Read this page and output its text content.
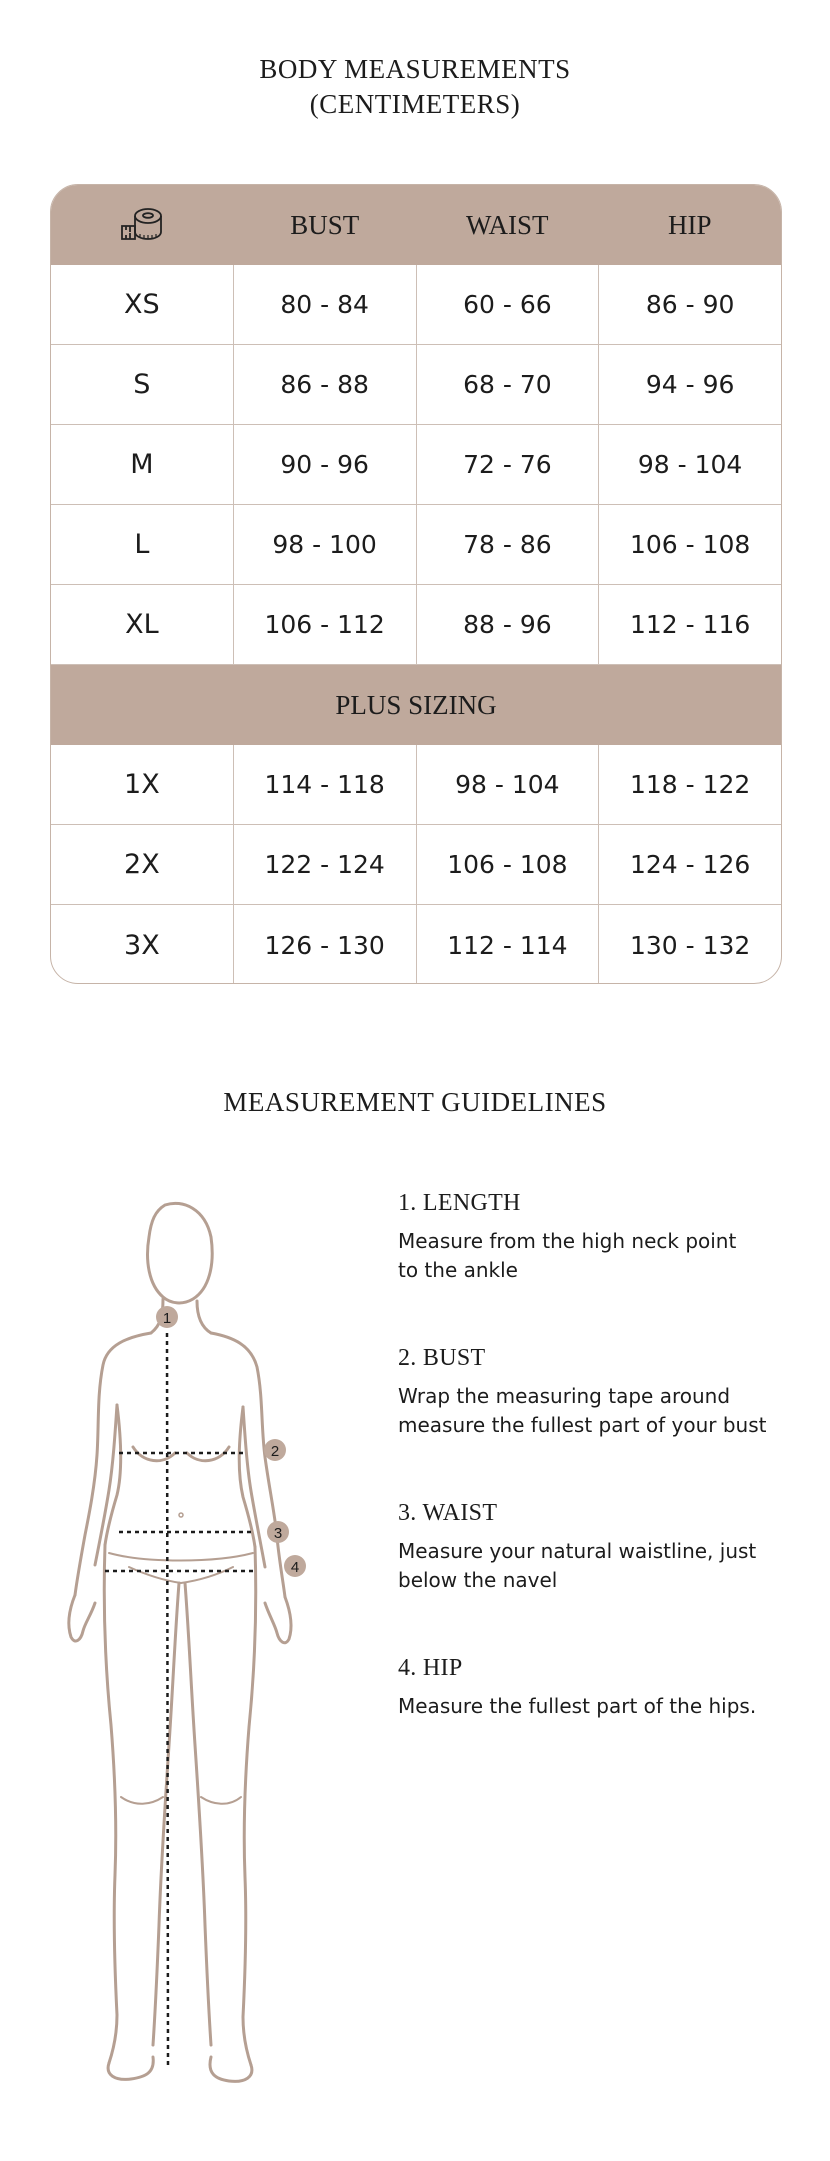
BODY MEASUREMENTS
(CENTIMETERS)
BUST	WAIST	HIP
XS	80 - 84	60 - 66	86 - 90
S	86 - 88	68 - 70	94 - 96
M	90 - 96	72 - 76	98 - 104
L	98 - 100	78 - 86	106 - 108
XL	106 - 112	88 - 96	112 - 116
PLUS SIZING
1X	114 - 118	98 - 104	118 - 122
2X	122 - 124	106 - 108	124 - 126
3X	126 - 130	112 - 114	130 - 132
MEASUREMENT GUIDELINES
1
2
3
4

1. LENGTH

Measure from the high neck point
to the ankle

2. BUST

Wrap the measuring tape around
measure the fullest part of your bust

3. WAIST

Measure your natural waistline, just
below the navel

4. HIP

Measure the fullest part of the hips.
